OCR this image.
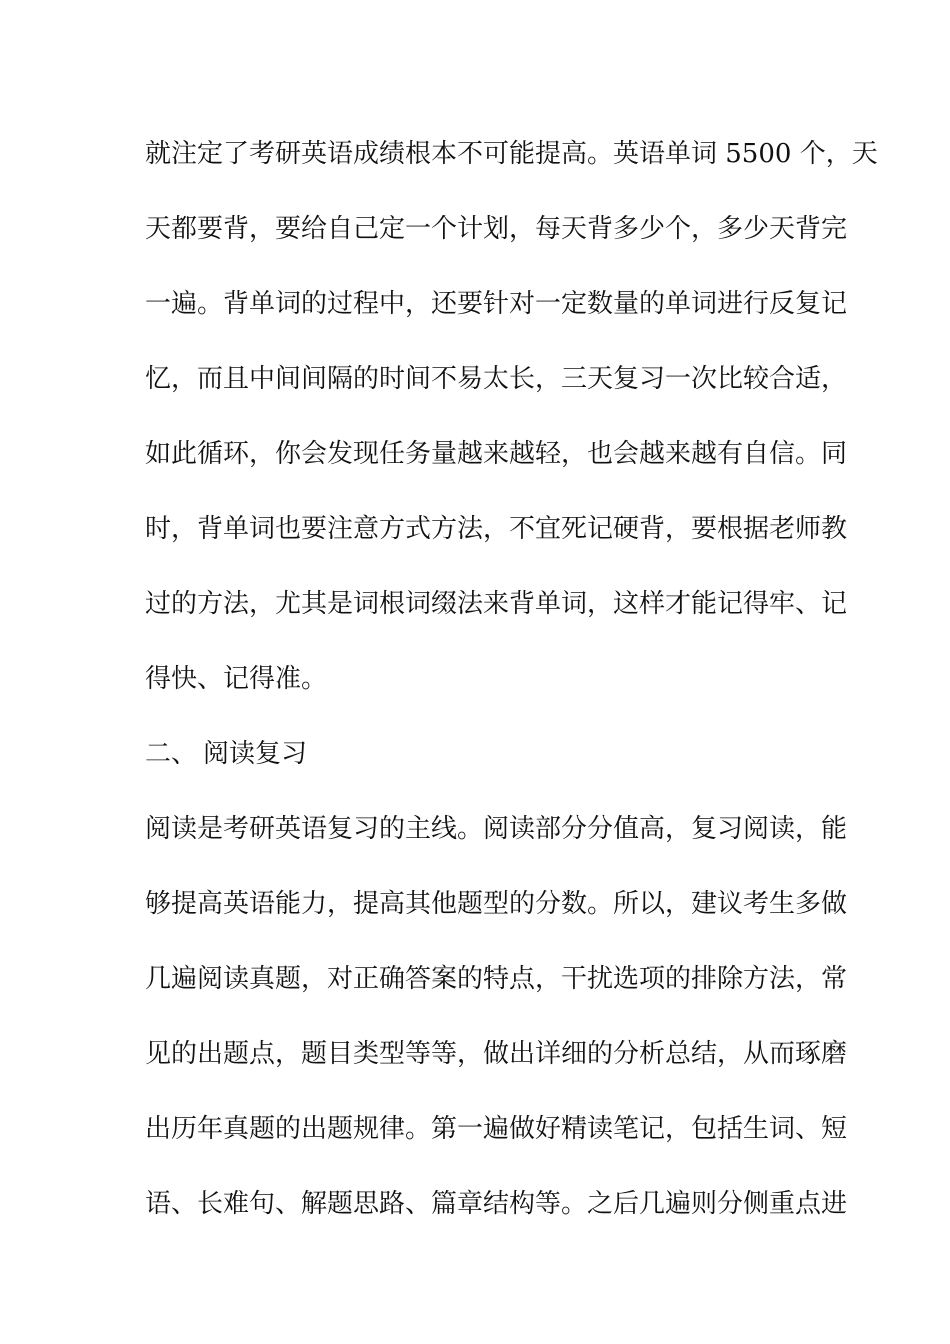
就注定了考研英语成绩根本不可能提高。英语单词 5500 个，天
天都要背，要给自己定一个计划，每天背多少个，多少天背完
一遍。背单词的过程中，还要针对一定数量的单词进行反复记
忆，而且中间间隔的时间不易太长，三天复习一次比较合适，
如此循环，你会发现任务量越来越轻，也会越来越有自信。同
时，背单词也要注意方式方法，不宜死记硬背，要根据老师教
过的方法，尤其是词根词缀法来背单词，这样才能记得牢、记
得快、记得准。
二、 阅读复习
阅读是考研英语复习的主线。阅读部分分值高，复习阅读，能
够提高英语能力，提高其他题型的分数。所以，建议考生多做
几遍阅读真题，对正确答案的特点，干扰选项的排除方法，常
见的出题点，题目类型等等，做出详细的分析总结，从而琢磨
出历年真题的出题规律。第一遍做好精读笔记，包括生词、短
语、长难句、解题思路、篇章结构等。之后几遍则分侧重点进
